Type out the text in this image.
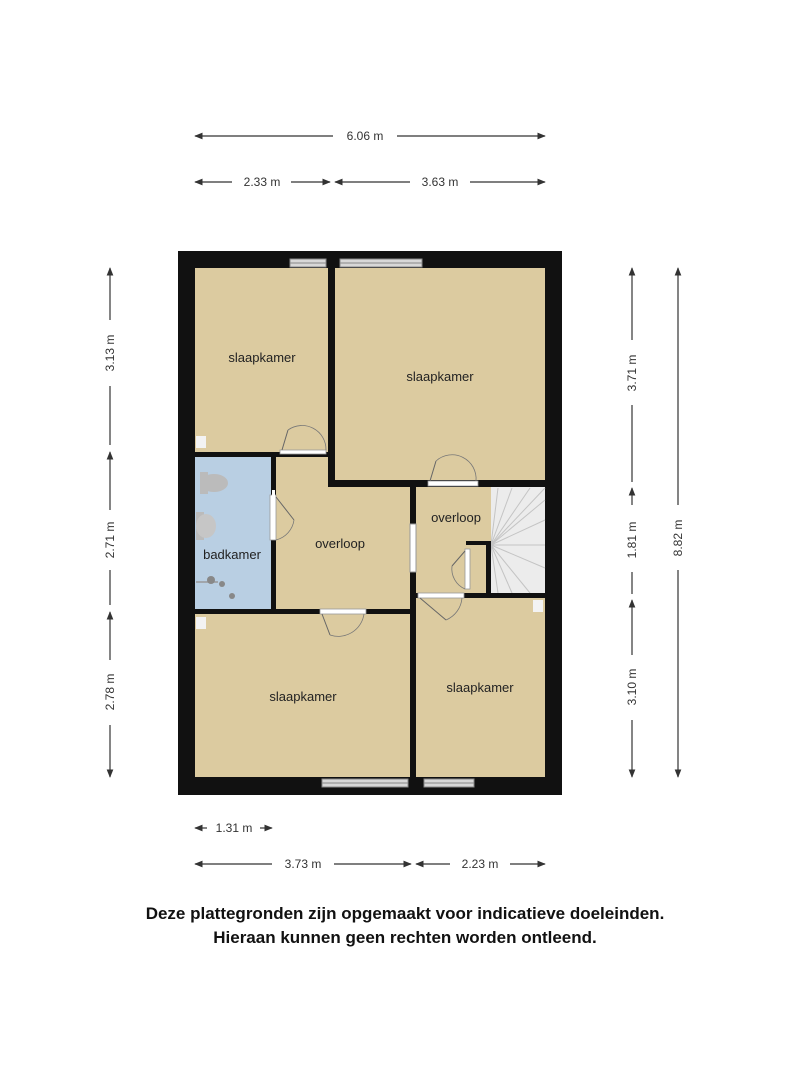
6.06 m
2.33 m	3.63 m
3.13 m
2.71 m
2.78 m
3.71 m
1.81 m
3.10 m
8.82 m
1.31 m
3.73 m	2.23 m
slaapkamer
slaapkamer
badkamer
overloop
overloop
slaapkamer
slaapkamer
Deze plattegronden zijn opgemaakt voor indicatieve doeleinden.
Hieraan kunnen geen rechten worden ontleend.
